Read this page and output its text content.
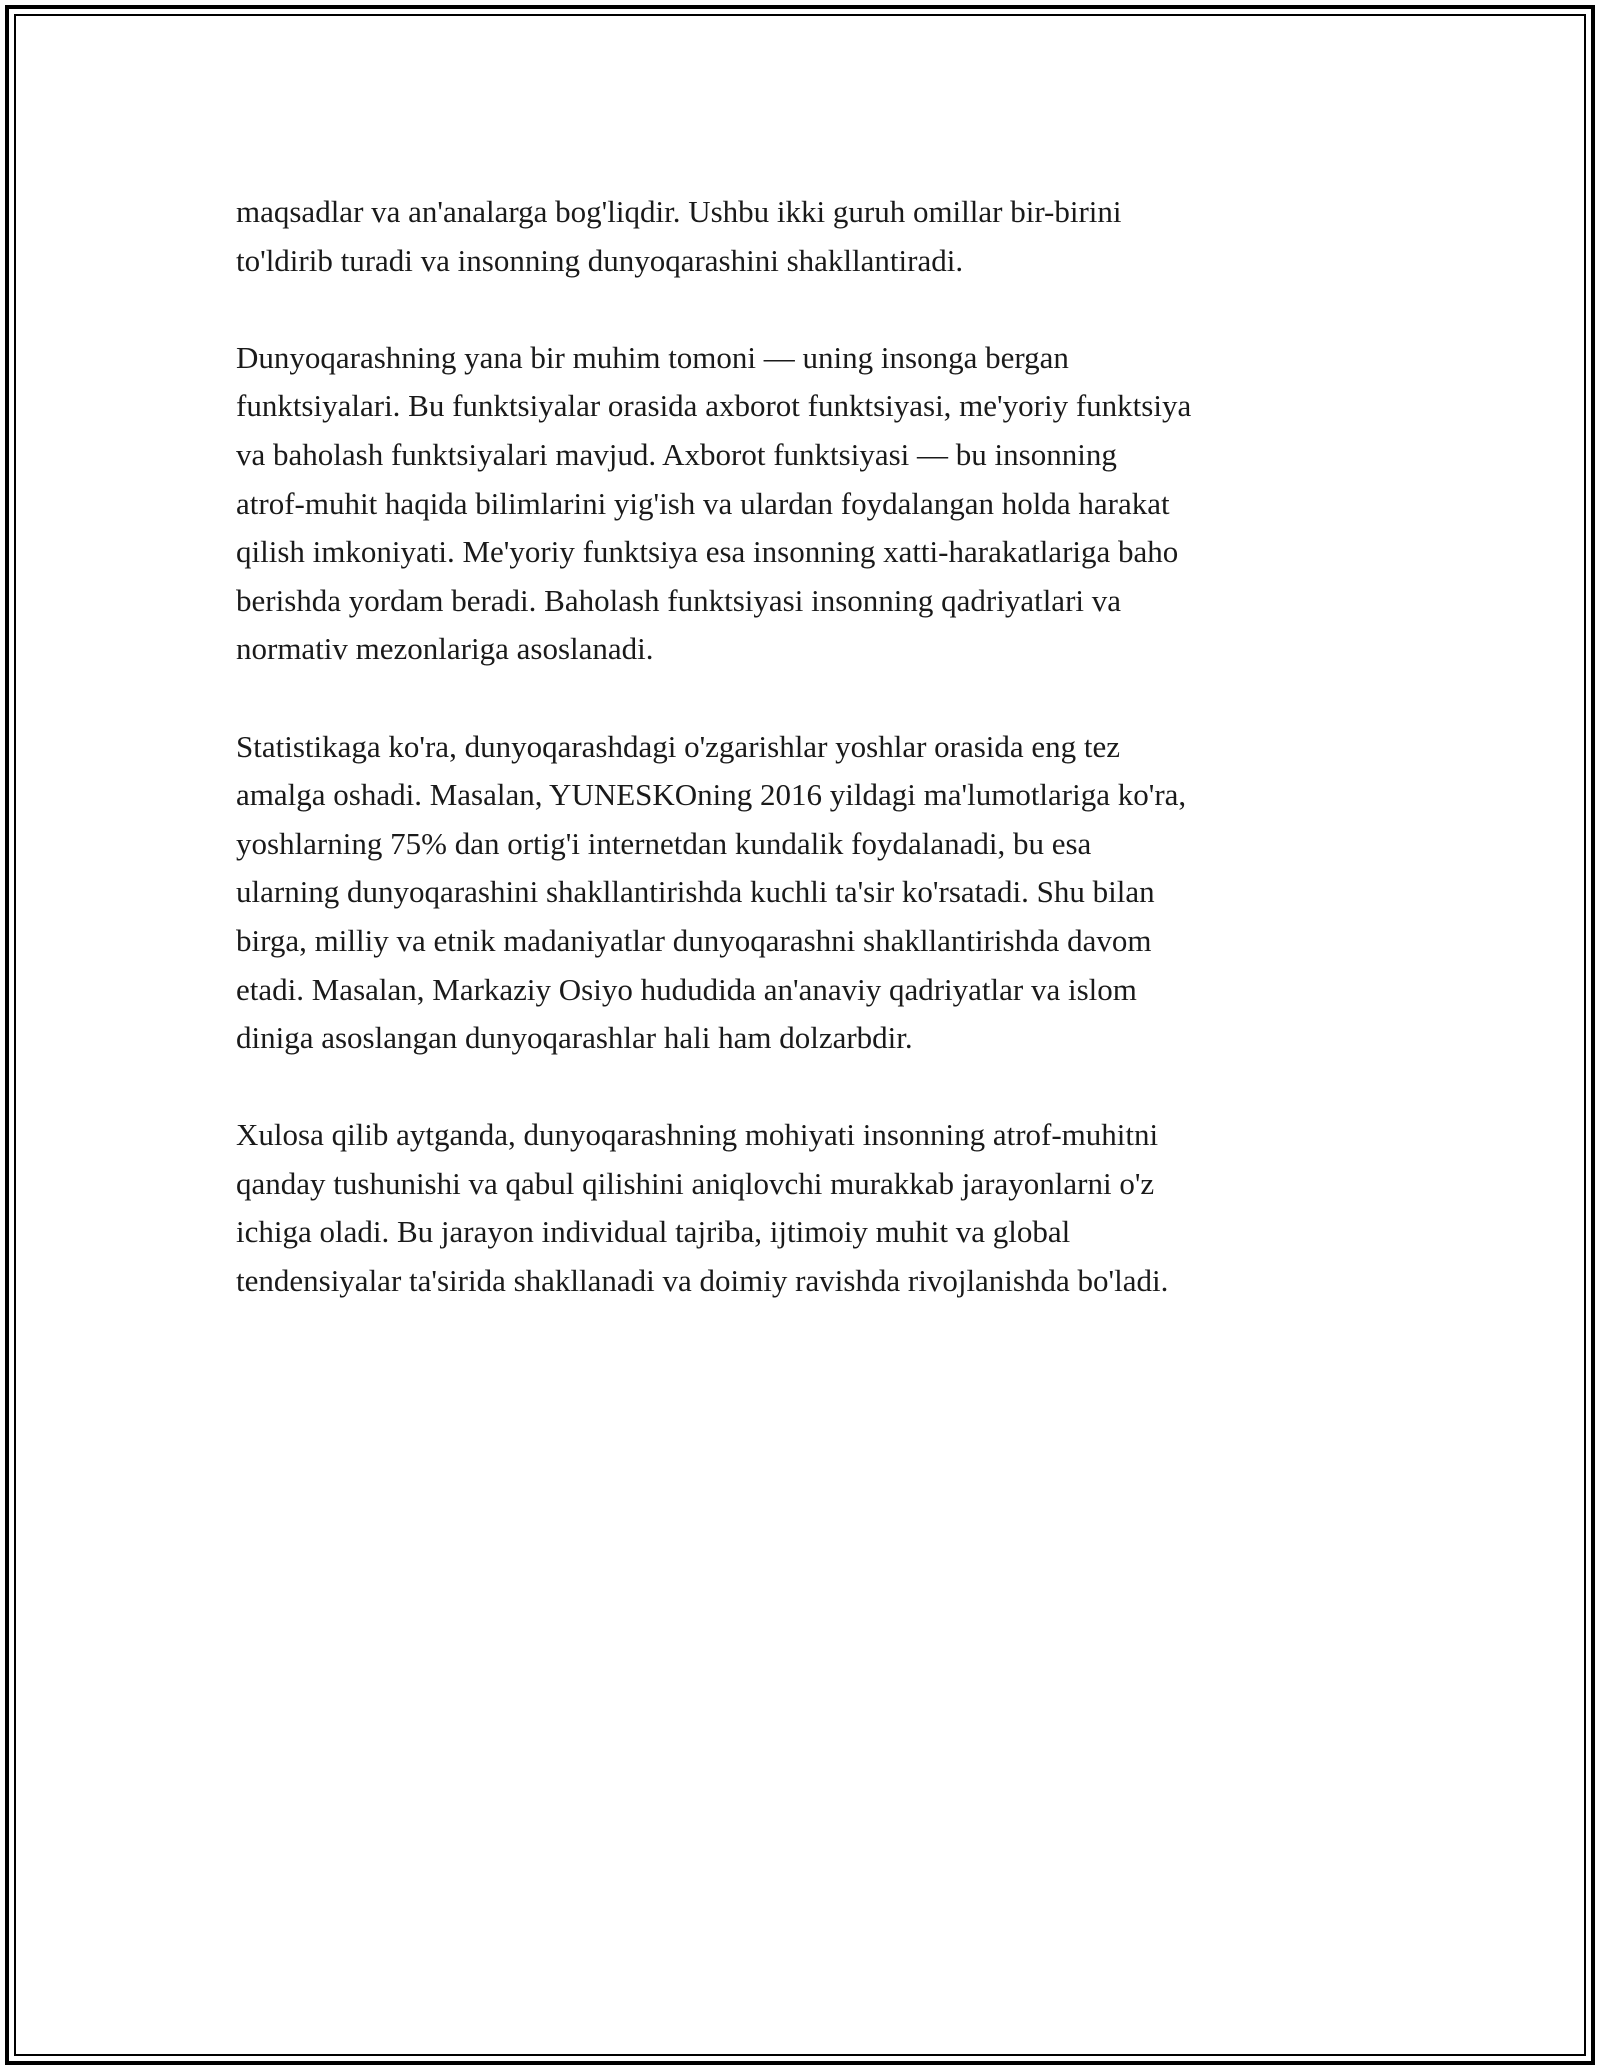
maqsadlar va an'analarga bog'liqdir. Ushbu ikki guruh omillar bir-birini
to'ldirib turadi va insonning dunyoqarashini shakllantiradi.

Dunyoqarashning yana bir muhim tomoni — uning insonga bergan
funktsiyalari. Bu funktsiyalar orasida axborot funktsiyasi, me'yoriy funktsiya
va baholash funktsiyalari mavjud. Axborot funktsiyasi — bu insonning
atrof-muhit haqida bilimlarini yig'ish va ulardan foydalangan holda harakat
qilish imkoniyati. Me'yoriy funktsiya esa insonning xatti-harakatlariga baho
berishda yordam beradi. Baholash funktsiyasi insonning qadriyatlari va
normativ mezonlariga asoslanadi.

Statistikaga ko'ra, dunyoqarashdagi o'zgarishlar yoshlar orasida eng tez
amalga oshadi. Masalan, YUNESKOning 2016 yildagi ma'lumotlariga ko'ra,
yoshlarning 75% dan ortig'i internetdan kundalik foydalanadi, bu esa
ularning dunyoqarashini shakllantirishda kuchli ta'sir ko'rsatadi. Shu bilan
birga, milliy va etnik madaniyatlar dunyoqarashni shakllantirishda davom
etadi. Masalan, Markaziy Osiyo hududida an'anaviy qadriyatlar va islom
diniga asoslangan dunyoqarashlar hali ham dolzarbdir.

Xulosa qilib aytganda, dunyoqarashning mohiyati insonning atrof-muhitni
qanday tushunishi va qabul qilishini aniqlovchi murakkab jarayonlarni o'z
ichiga oladi. Bu jarayon individual tajriba, ijtimoiy muhit va global
tendensiyalar ta'sirida shakllanadi va doimiy ravishda rivojlanishda bo'ladi.
